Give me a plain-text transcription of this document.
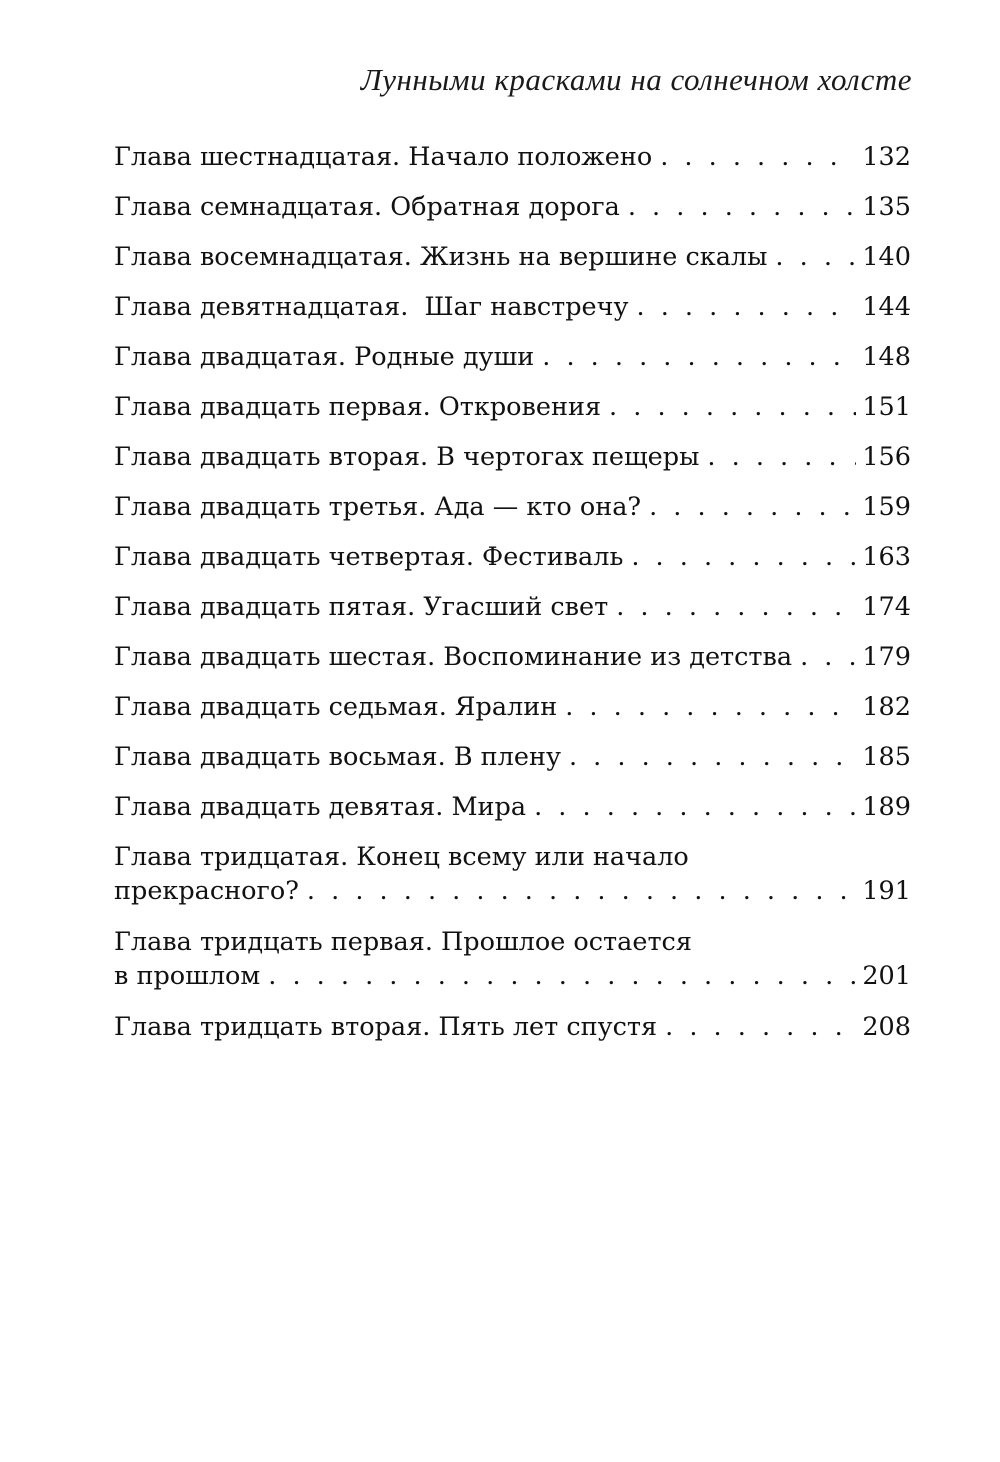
Лунными красками на солнечном холсте
Глава шестнадцатая. Начало положено . . .	132
Глава семнадцатая. Обратная дорога . . .	135
Глава восемнадцатая. Жизнь на вершине скалы . . .	140
Глава девятнадцатая.  Шаг навстречу . . .	144
Глава двадцатая. Родные души . . .	148
Глава двадцать первая. Откровения . . .	151
Глава двадцать вторая. В чертогах пещеры . . .	156
Глава двадцать третья. Ада — кто она? . . .	159
Глава двадцать четвертая. Фестиваль . . .	163
Глава двадцать пятая. Угасший свет . . .	174
Глава двадцать шестая. Воспоминание из детства . . .	179
Глава двадцать седьмая. Яралин . . .	182
Глава двадцать восьмая. В плену . . .	185
Глава двадцать девятая. Мира . . .	189
Глава тридцатая. Конец всему или начало
прекрасного? . . .	191
Глава тридцать первая. Прошлое остается
в прошлом . . .	201
Глава тридцать вторая. Пять лет спустя . . .	208
